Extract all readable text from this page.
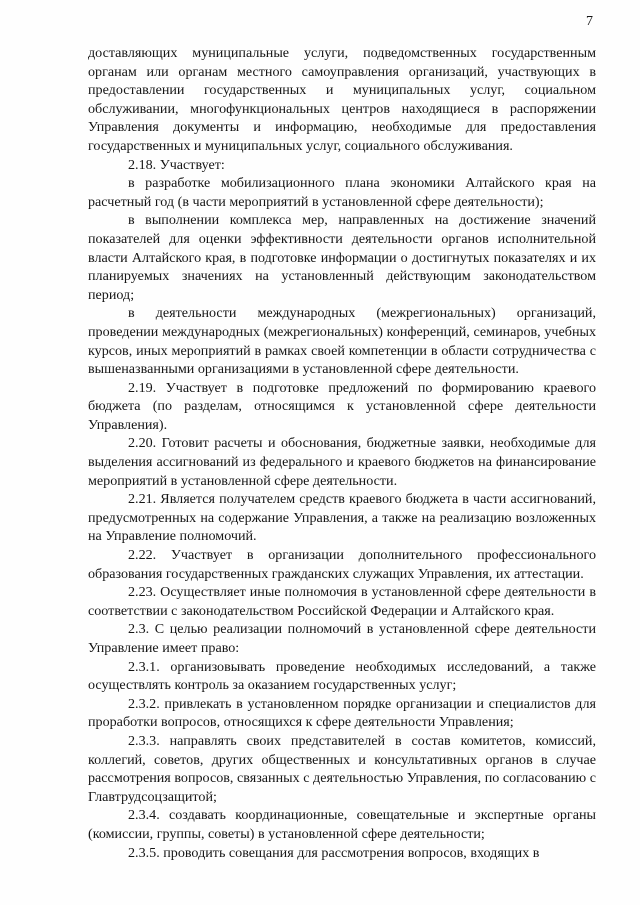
7

доставляющих муниципальные услуги, подведомственных государственным органам или органам местного самоуправления организаций, участвующих в предоставлении государственных и муниципальных услуг, социальном обслуживании, многофункциональных центров находящиеся в распоряжении Управления документы и информацию, необходимые для предоставления государственных и муниципальных услуг, социального обслуживания.

2.18. Участвует:

в разработке мобилизационного плана экономики Алтайского края на расчетный год (в части мероприятий в установленной сфере деятельности);

в выполнении комплекса мер, направленных на достижение значений показателей для оценки эффективности деятельности органов исполнительной власти Алтайского края, в подготовке информации о достигнутых показателях и их планируемых значениях на установленный действующим законодательством период;

в деятельности международных (межрегиональных) организаций, проведении международных (межрегиональных) конференций, семинаров, учебных курсов, иных мероприятий в рамках своей компетенции в области сотрудничества с вышеназванными организациями в установленной сфере деятельности.

2.19. Участвует в подготовке предложений по формированию краевого бюджета (по разделам, относящимся к установленной сфере деятельности Управления).

2.20. Готовит расчеты и обоснования, бюджетные заявки, необходимые для выделения ассигнований из федерального и краевого бюджетов на финансирование мероприятий в установленной сфере деятельности.

2.21. Является получателем средств краевого бюджета в части ассигнований, предусмотренных на содержание Управления, а также на реализацию возложенных на Управление полномочий.

2.22. Участвует в организации дополнительного профессионального образования государственных гражданских служащих Управления, их аттестации.

2.23. Осуществляет иные полномочия в установленной сфере деятельности в соответствии с законодательством Российской Федерации и Алтайского края.

2.3. С целью реализации полномочий в установленной сфере деятельности Управление имеет право:

2.3.1. организовывать проведение необходимых исследований, а также осуществлять контроль за оказанием государственных услуг;

2.3.2. привлекать в установленном порядке организации и специалистов для проработки вопросов, относящихся к сфере деятельности Управления;

2.3.3. направлять своих представителей в состав комитетов, комиссий, коллегий, советов, других общественных и консультативных органов в случае рассмотрения вопросов, связанных с деятельностью Управления, по согласованию с Главтрудсоцзащитой;

2.3.4. создавать координационные, совещательные и экспертные органы (комиссии, группы, советы) в установленной сфере деятельности;

2.3.5. проводить совещания для рассмотрения вопросов, входящих в
